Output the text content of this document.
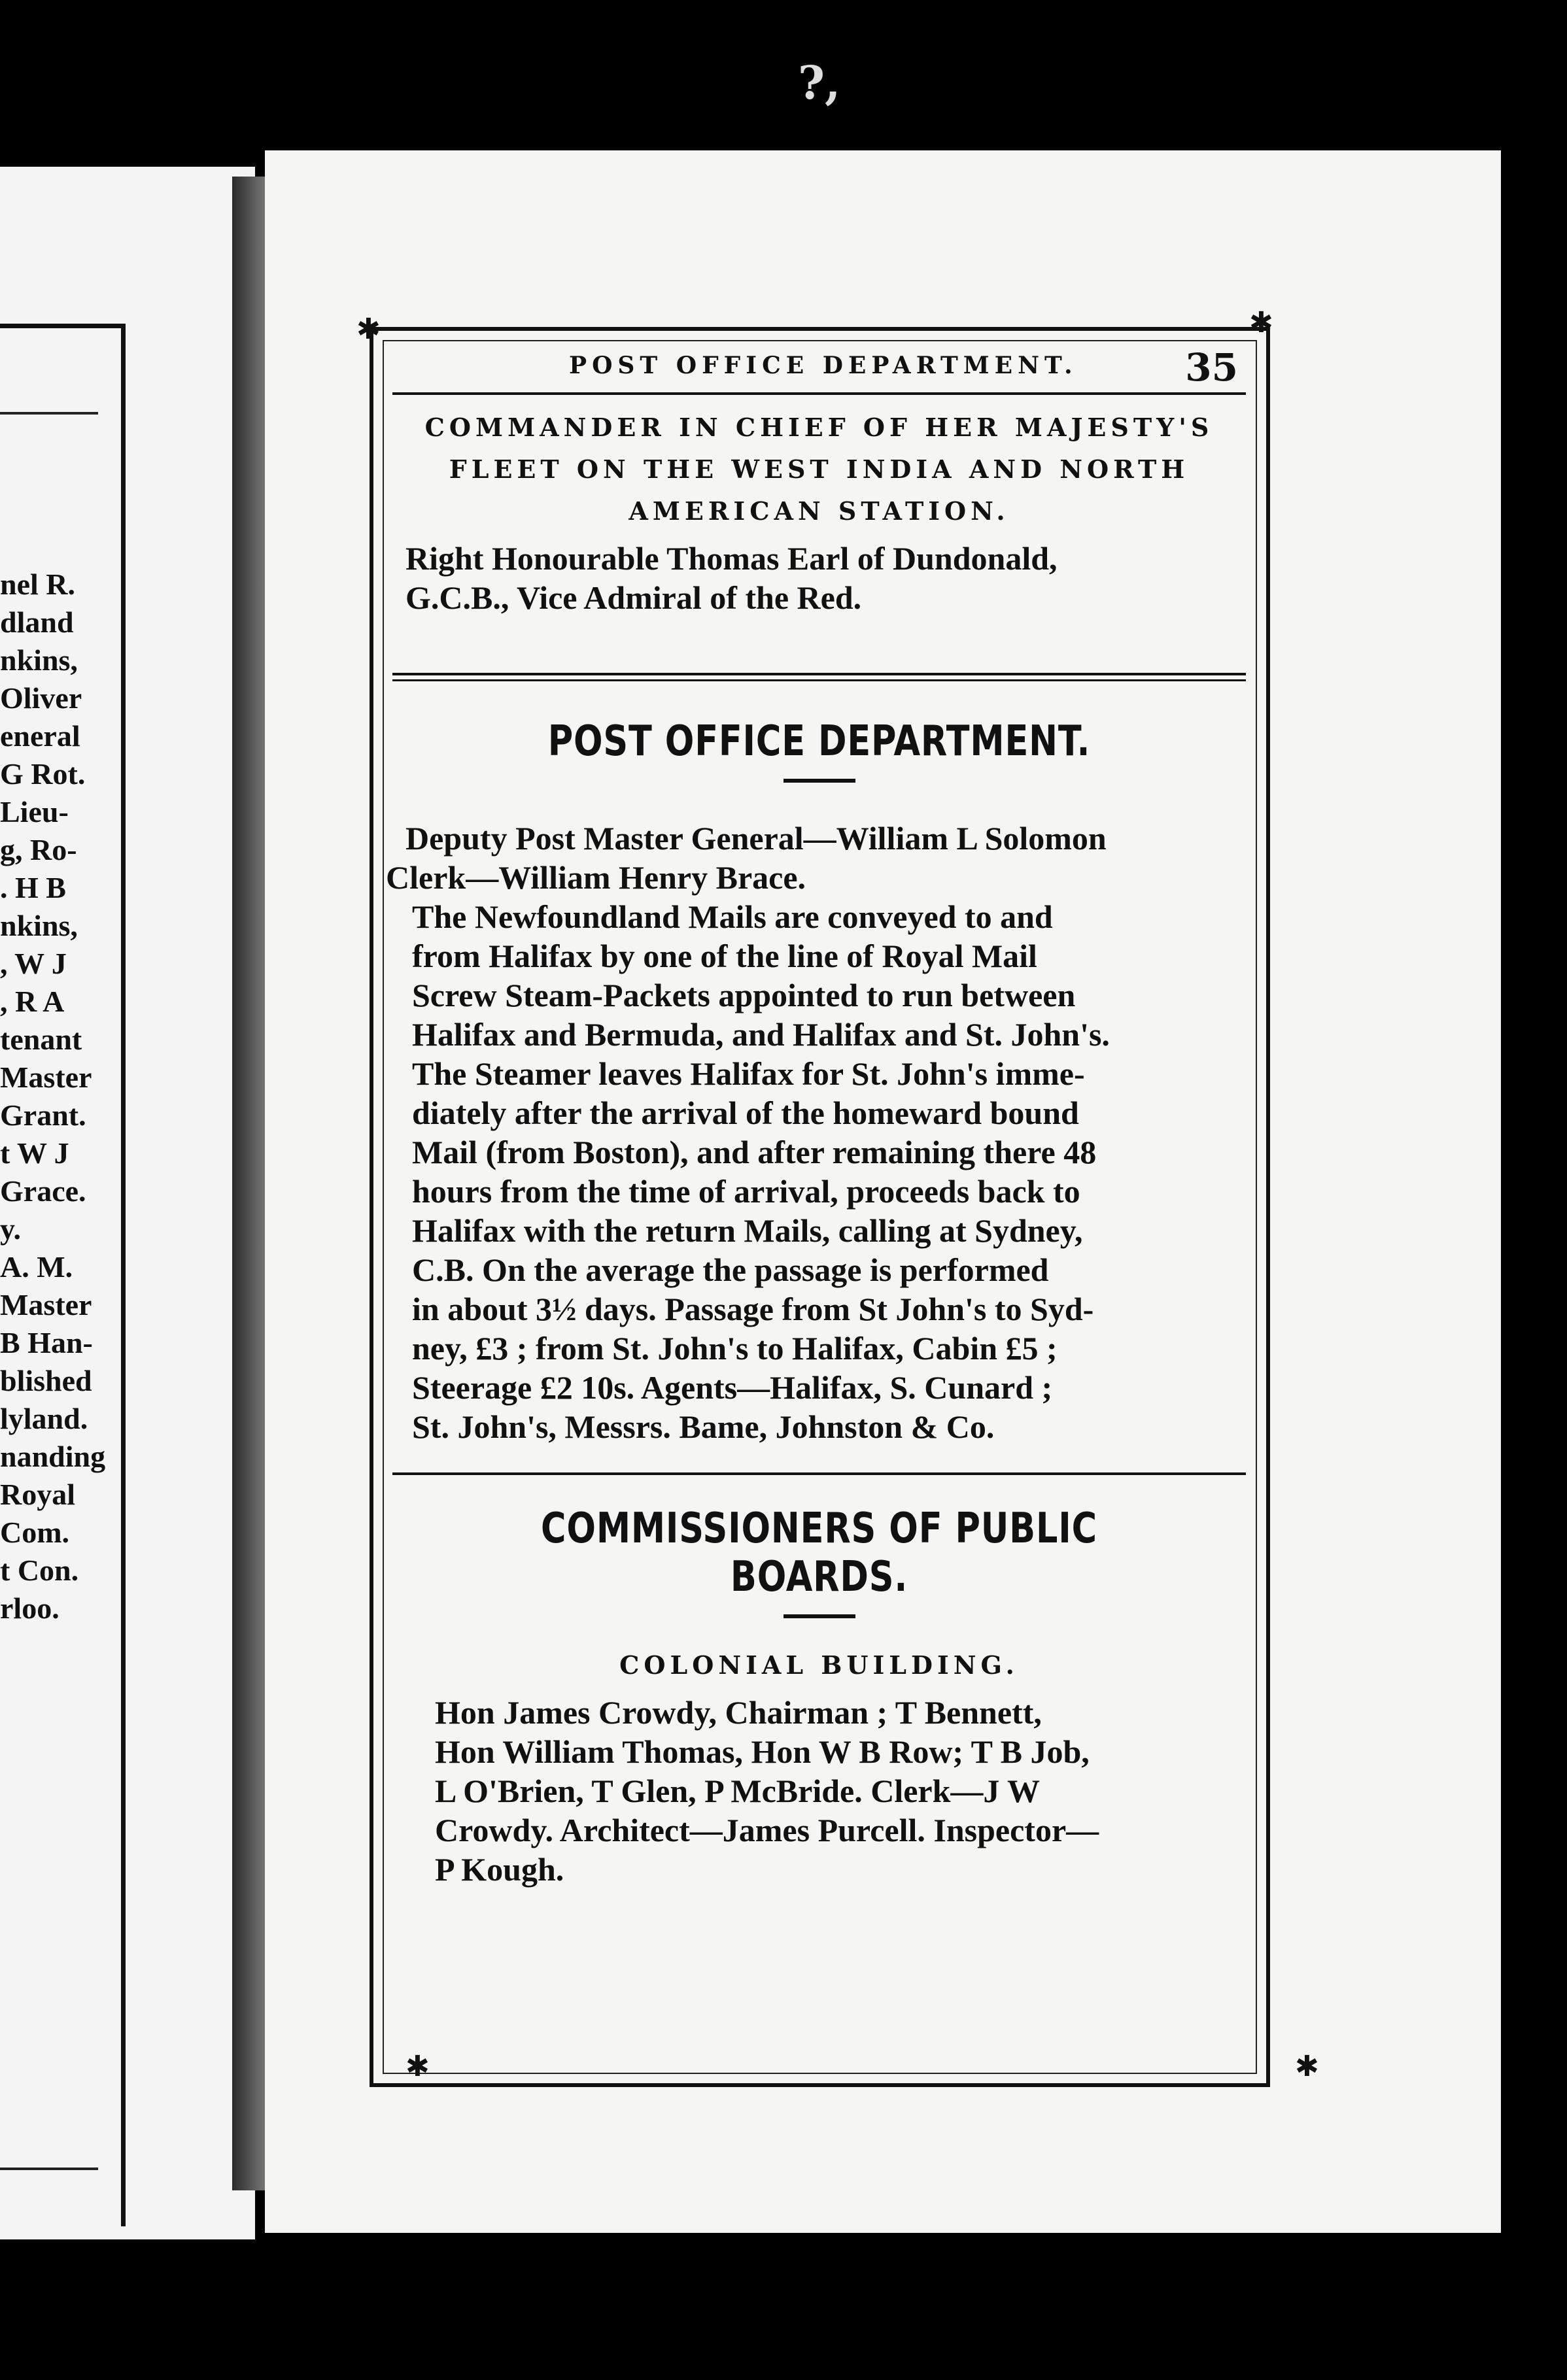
?,
nel R.
dland
nkins,
Oliver
eneral
G Rot.
Lieu-
g, Ro-
. H B
nkins,
, W J
, R A
tenant
Master
Grant.
t W J
Grace.
y.
A. M.
Master
B Han-
blished
lyland.
nanding
Royal
Com.
t Con.
rloo.
✱	✱
✱	✱
POST OFFICE DEPARTMENT.	35
COMMANDER IN CHIEF OF HER MAJESTY'S
FLEET ON THE WEST INDIA AND NORTH
AMERICAN STATION.
Right Honourable Thomas Earl of Dundonald,
G.C.B., Vice Admiral of the Red.
POST OFFICE DEPARTMENT.
Deputy Post Master General—William L Solomon
Clerk—William Henry Brace.
The Newfoundland Mails are conveyed to and
from Halifax by one of the line of Royal Mail
Screw Steam-Packets appointed to run between
Halifax and Bermuda, and Halifax and St. John's.
The Steamer leaves Halifax for St. John's imme-
diately after the arrival of the homeward bound
Mail (from Boston), and after remaining there 48
hours from the time of arrival, proceeds back to
Halifax with the return Mails, calling at Sydney,
C.B. On the average the passage is performed
in about 3½ days. Passage from St John's to Syd-
ney, £3 ; from St. John's to Halifax, Cabin £5 ;
Steerage £2 10s. Agents—Halifax, S. Cunard ;
St. John's, Messrs. Bame, Johnston & Co.
COMMISSIONERS OF PUBLIC BOARDS.
COLONIAL BUILDING.
Hon James Crowdy, Chairman ; T Bennett,
Hon William Thomas, Hon W B Row; T B Job,
L O'Brien, T Glen, P McBride. Clerk—J W
Crowdy. Architect—James Purcell. Inspector—
P Kough.
